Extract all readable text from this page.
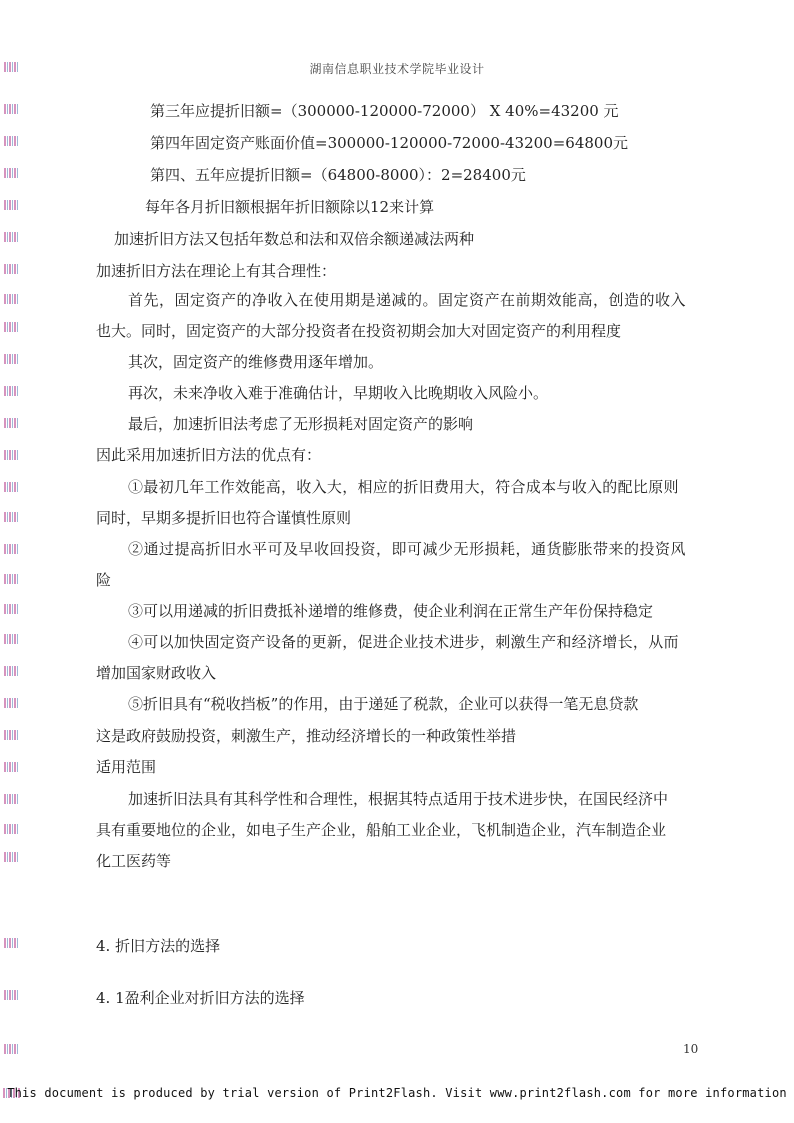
湖南信息职业技术学院毕业设计
第三年应提折旧额=（300000-120000-72000） X 40%=43200 元
第四年固定资产账面价值=300000-120000-72000-43200=64800元
第四、五年应提折旧额=（64800-8000）：2=28400元
每年各月折旧额根据年折旧额除以12来计算
加速折旧方法又包括年数总和法和双倍余额递减法两种
加速折旧方法在理论上有其合理性：
首先，固定资产的净收入在使用期是递减的。固定资产在前期效能高，创造的收入
也大。同时，固定资产的大部分投资者在投资初期会加大对固定资产的利用程度
其次，固定资产的维修费用逐年增加。
再次，未来净收入难于准确估计，早期收入比晚期收入风险小。
最后，加速折旧法考虑了无形损耗对固定资产的影响
因此采用加速折旧方法的优点有：
①最初几年工作效能高，收入大，相应的折旧费用大，符合成本与收入的配比原则
同时，早期多提折旧也符合谨慎性原则
②通过提高折旧水平可及早收回投资，即可减少无形损耗，通货膨胀带来的投资风
险
③可以用递减的折旧费抵补递增的维修费，使企业利润在正常生产年份保持稳定
④可以加快固定资产设备的更新，促进企业技术进步，刺激生产和经济增长，从而
增加国家财政收入
⑤折旧具有“税收挡板”的作用，由于递延了税款，企业可以获得一笔无息贷款
这是政府鼓励投资，刺激生产，推动经济增长的一种政策性举措
适用范围
加速折旧法具有其科学性和合理性，根据其特点适用于技术进步快，在国民经济中
具有重要地位的企业，如电子生产企业，船舶工业企业，飞机制造企业，汽车制造企业
化工医药等
4. 折旧方法的选择
4. 1盈利企业对折旧方法的选择
10
This document is produced by trial version of Print2Flash. Visit www.print2flash.com for more information
